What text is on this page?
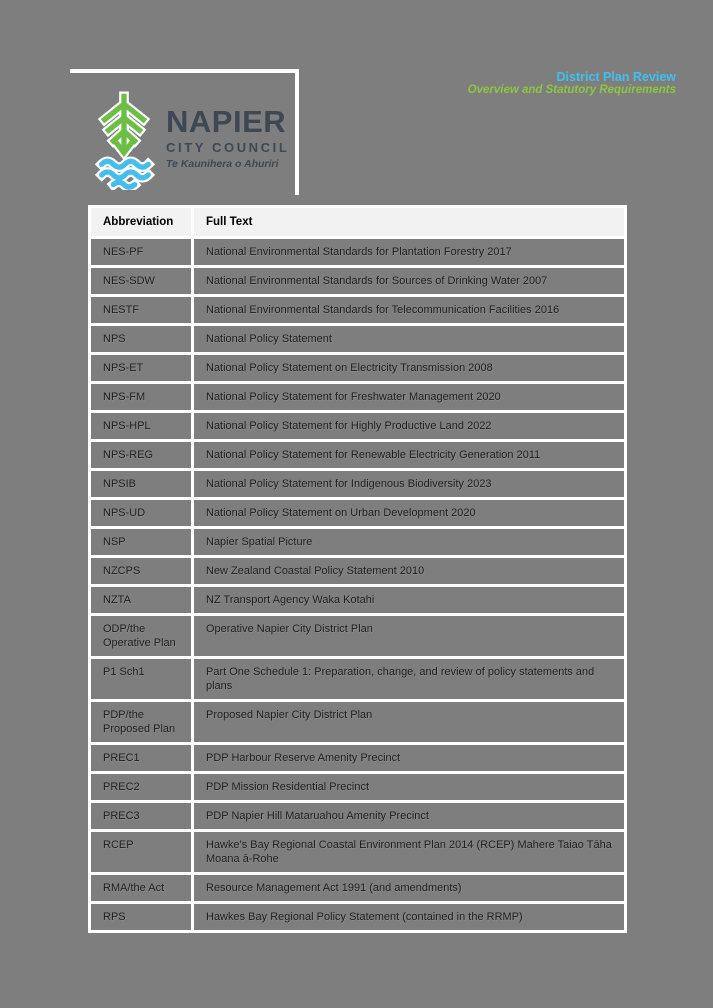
NAPIER
CITY COUNCIL
Te Kaunihera o Ahuriri
District Plan Review
Overview and Statutory Requirements
Abbreviation	Full Text
NES-PF	National Environmental Standards for Plantation Forestry 2017
NES-SDW	National Environmental Standards for Sources of Drinking Water 2007
NESTF	National Environmental Standards for Telecommunication Facilities 2016
NPS	National Policy Statement
NPS-ET	National Policy Statement on Electricity Transmission 2008
NPS-FM	National Policy Statement for Freshwater Management 2020
NPS-HPL	National Policy Statement for Highly Productive Land 2022
NPS-REG	National Policy Statement for Renewable Electricity Generation 2011
NPSIB	National Policy Statement for Indigenous Biodiversity 2023
NPS-UD	National Policy Statement on Urban Development 2020
NSP	Napier Spatial Picture
NZCPS	New Zealand Coastal Policy Statement 2010
NZTA	NZ Transport Agency Waka Kotahi
ODP/the Operative Plan	Operative Napier City District Plan
P1 Sch1	Part One Schedule 1: Preparation, change, and review of policy statements and plans
PDP/the Proposed Plan	Proposed Napier City District Plan
PREC1	PDP Harbour Reserve Amenity Precinct
PREC2	PDP Mission Residential Precinct
PREC3	PDP Napier Hill Mataruahou Amenity Precinct
RCEP	Hawke's Bay Regional Coastal Environment Plan 2014 (RCEP) Mahere Taiao Tāha Moana ā-Rohe
RMA/the Act	Resource Management Act 1991 (and amendments)
RPS	Hawkes Bay Regional Policy Statement (contained in the RRMP)
